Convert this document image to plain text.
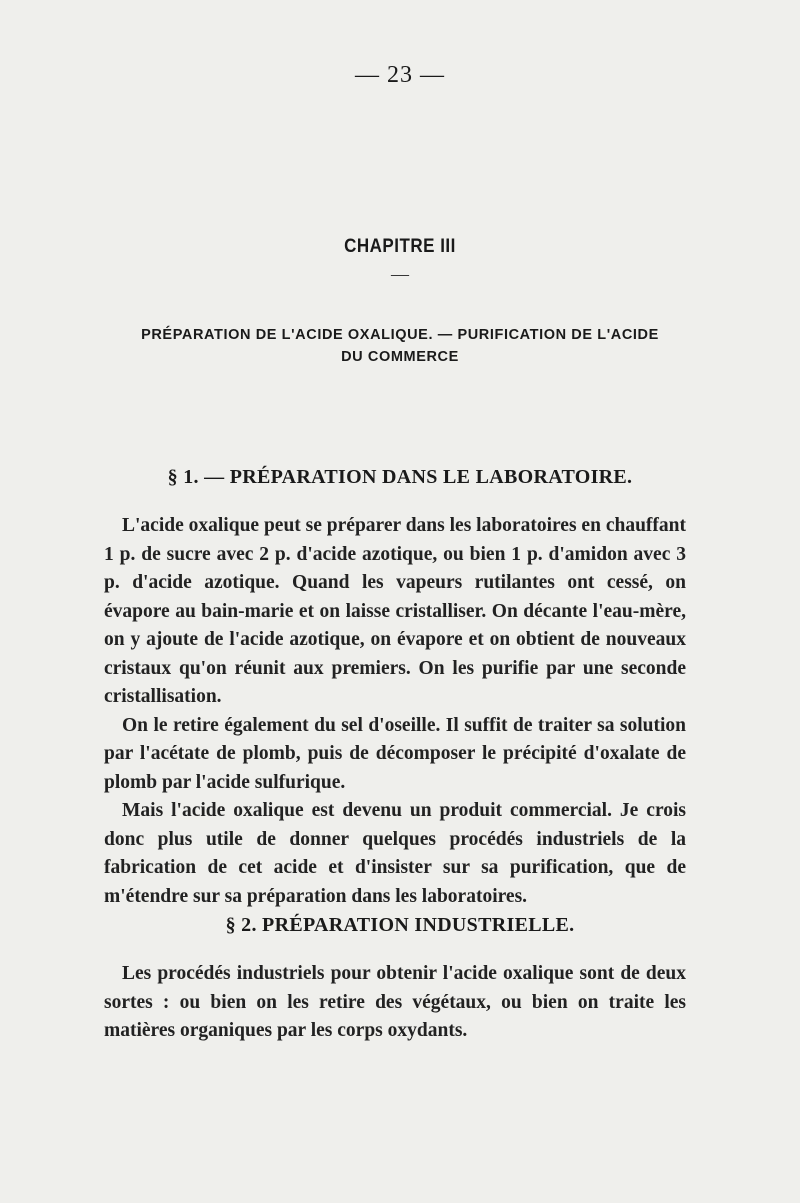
— 23 —
CHAPITRE III
—
PRÉPARATION DE L'ACIDE OXALIQUE. — PURIFICATION DE L'ACIDE
DU COMMERCE
§ 1. — PRÉPARATION DANS LE LABORATOIRE.

L'acide oxalique peut se préparer dans les laboratoires en chauffant 1 p. de sucre avec 2 p. d'acide azotique, ou bien 1 p. d'amidon avec 3 p. d'acide azotique. Quand les vapeurs rutilantes ont cessé, on évapore au bain-marie et on laisse cristalliser. On décante l'eau-mère, on y ajoute de l'acide azotique, on évapore et on obtient de nouveaux cristaux qu'on réunit aux premiers. On les purifie par une seconde cristallisation.

On le retire également du sel d'oseille. Il suffit de traiter sa solution par l'acétate de plomb, puis de décomposer le précipité d'oxalate de plomb par l'acide sulfurique.

Mais l'acide oxalique est devenu un produit commercial. Je crois donc plus utile de donner quelques procédés industriels de la fabrication de cet acide et d'insister sur sa purification, que de m'étendre sur sa préparation dans les laboratoires.

§ 2. PRÉPARATION INDUSTRIELLE.

Les procédés industriels pour obtenir l'acide oxalique sont de deux sortes : ou bien on les retire des végétaux, ou bien on traite les matières organiques par les corps oxydants.
